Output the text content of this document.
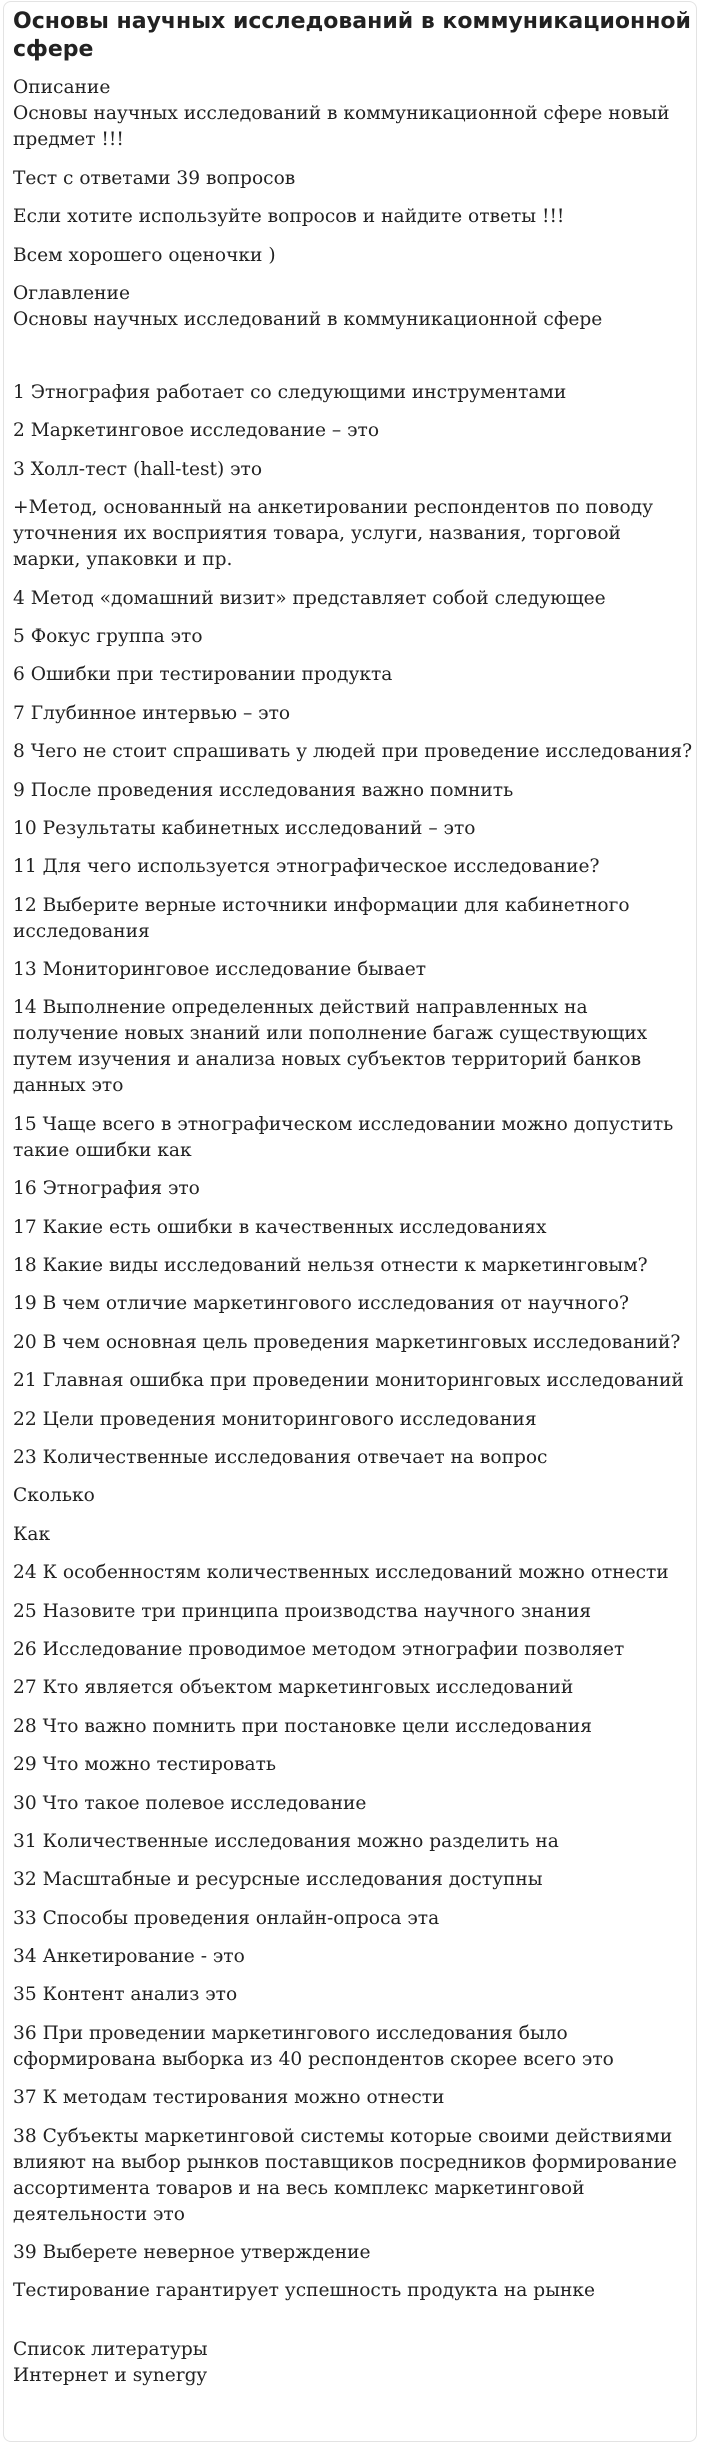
Основы научных исследований в коммуникационной сфере

Описание

Основы научных исследований в коммуникационной сфере новый предмет !!!

Тест с ответами 39 вопросов

Если хотите используйте вопросов и найдите ответы !!!

Всем хорошего оценочки )

Оглавление

Основы научных исследований в коммуникационной сфере

1 Этнография работает со следующими инструментами

2 Маркетинговое исследование – это

3 Холл-тест (hall-test) это

+Метод, основанный на анкетировании респондентов по поводу уточнения их восприятия товара, услуги, названия, торговой марки, упаковки и пр.

4 Метод «домашний визит» представляет собой следующее

5 Фокус группа это

6 Ошибки при тестировании продукта

7 Глубинное интервью – это

8 Чего не стоит спрашивать у людей при проведение исследования?

9 После проведения исследования важно помнить

10 Результаты кабинетных исследований – это

11 Для чего используется этнографическое исследование?

12 Выберите верные источники информации для кабинетного исследования

13 Мониторинговое исследование бывает

14 Выполнение определенных действий направленных на получение новых знаний или пополнение багаж существующих путем изучения и анализа новых субъектов территорий банков данных это

15 Чаще всего в этнографическом исследовании можно допустить такие ошибки как

16 Этнография это

17 Какие есть ошибки в качественных исследованиях

18 Какие виды исследований нельзя отнести к маркетинговым?

19 В чем отличие маркетингового исследования от научного?

20 В чем основная цель проведения маркетинговых исследований?

21 Главная ошибка при проведении мониторинговых исследований

22 Цели проведения мониторингового исследования

23 Количественные исследования отвечает на вопрос

Сколько

Как

24 К особенностям количественных исследований можно отнести

25 Назовите три принципа производства научного знания

26 Исследование проводимое методом этнографии позволяет

27 Кто является объектом маркетинговых исследований

28 Что важно помнить при постановке цели исследования

29 Что можно тестировать

30 Что такое полевое исследование

31 Количественные исследования можно разделить на

32 Масштабные и ресурсные исследования доступны

33 Способы проведения онлайн-опроса эта

34 Анкетирование - это

35 Контент анализ это

36 При проведении маркетингового исследования было сформирована выборка из 40 респондентов скорее всего это

37 К методам тестирования можно отнести

38 Субъекты маркетинговой системы которые своими действиями влияют на выбор рынков поставщиков посредников формирование ассортимента товаров и на весь комплекс маркетинговой деятельности это

39 Выберете неверное утверждение

Тестирование гарантирует успешность продукта на рынке

Список литературы

Интернет и synergy
